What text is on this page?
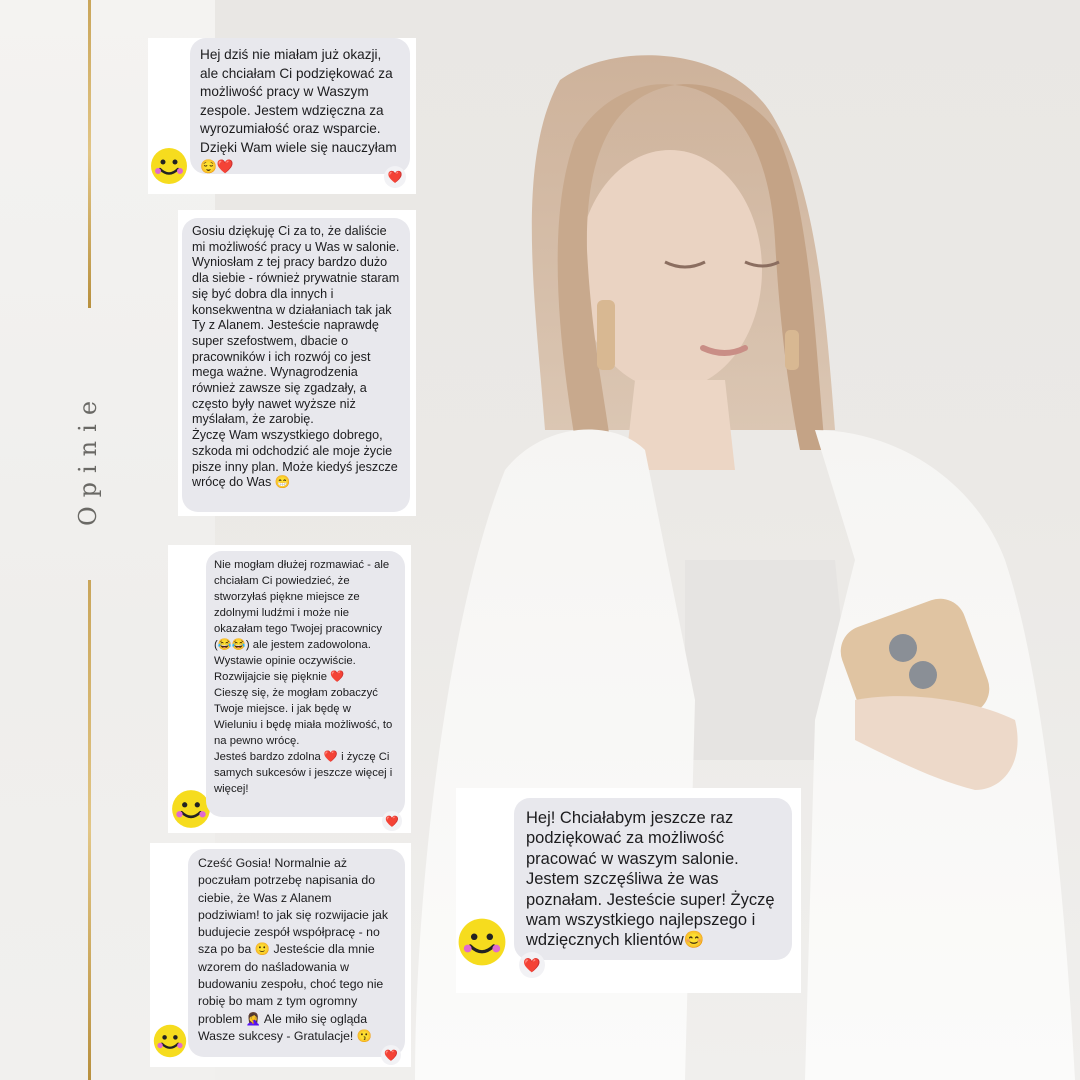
Opinie

Hej dziś nie miałam już okazji, ale chciałam Ci podziękować za możliwość pracy w Waszym zespole. Jestem wdzięczna za wyrozumiałość oraz wsparcie. Dzięki Wam wiele się nauczyłam
😌❤️

❤️

Gosiu dziękuję Ci za to, że daliście mi możliwość pracy u Was w salonie. Wyniosłam z tej pracy bardzo dużo dla siebie - również prywatnie staram się być dobra dla innych i konsekwentna w działaniach tak jak Ty z Alanem. Jesteście naprawdę super szefostwem, dbacie o pracowników i ich rozwój co jest mega ważne. Wynagrodzenia również zawsze się zgadzały, a często były nawet wyższe niż myślałam, że zarobię.
Życzę Wam wszystkiego dobrego, szkoda mi odchodzić ale moje życie pisze inny plan. Może kiedyś jeszcze wrócę do Was 😁

Nie mogłam dłużej rozmawiać - ale chciałam Ci powiedzieć, że stworzyłaś piękne miejsce ze zdolnymi ludźmi i może nie okazałam tego Twojej pracownicy (😂😂) ale jestem zadowolona. Wystawie opinie oczywiście.
Rozwijajcie się pięknie ❤️
Cieszę się, że mogłam zobaczyć Twoje miejsce. i jak będę w Wieluniu i będę miała możliwość, to na pewno wrócę.
Jesteś bardzo zdolna ❤️ i życzę Ci samych sukcesów i jeszcze więcej i więcej!

❤️

Cześć Gosia! Normalnie aż poczułam potrzebę napisania do ciebie, że Was z Alanem podziwiam! to jak się rozwijacie jak budujecie zespół współpracę - no sza po ba 🙂 Jesteście dla mnie wzorem do naśladowania w budowaniu zespołu, choć tego nie robię bo mam z tym ogromny problem 🤦‍♀️ Ale miło się ogląda Wasze sukcesy - Gratulacje! 😗

❤️

Hej! Chciałabym jeszcze raz podziękować za możliwość pracować w waszym salonie. Jestem szczęśliwa że was poznałam. Jesteście super! Życzę wam wszystkiego najlepszego i wdzięcznych klientów😊

❤️
